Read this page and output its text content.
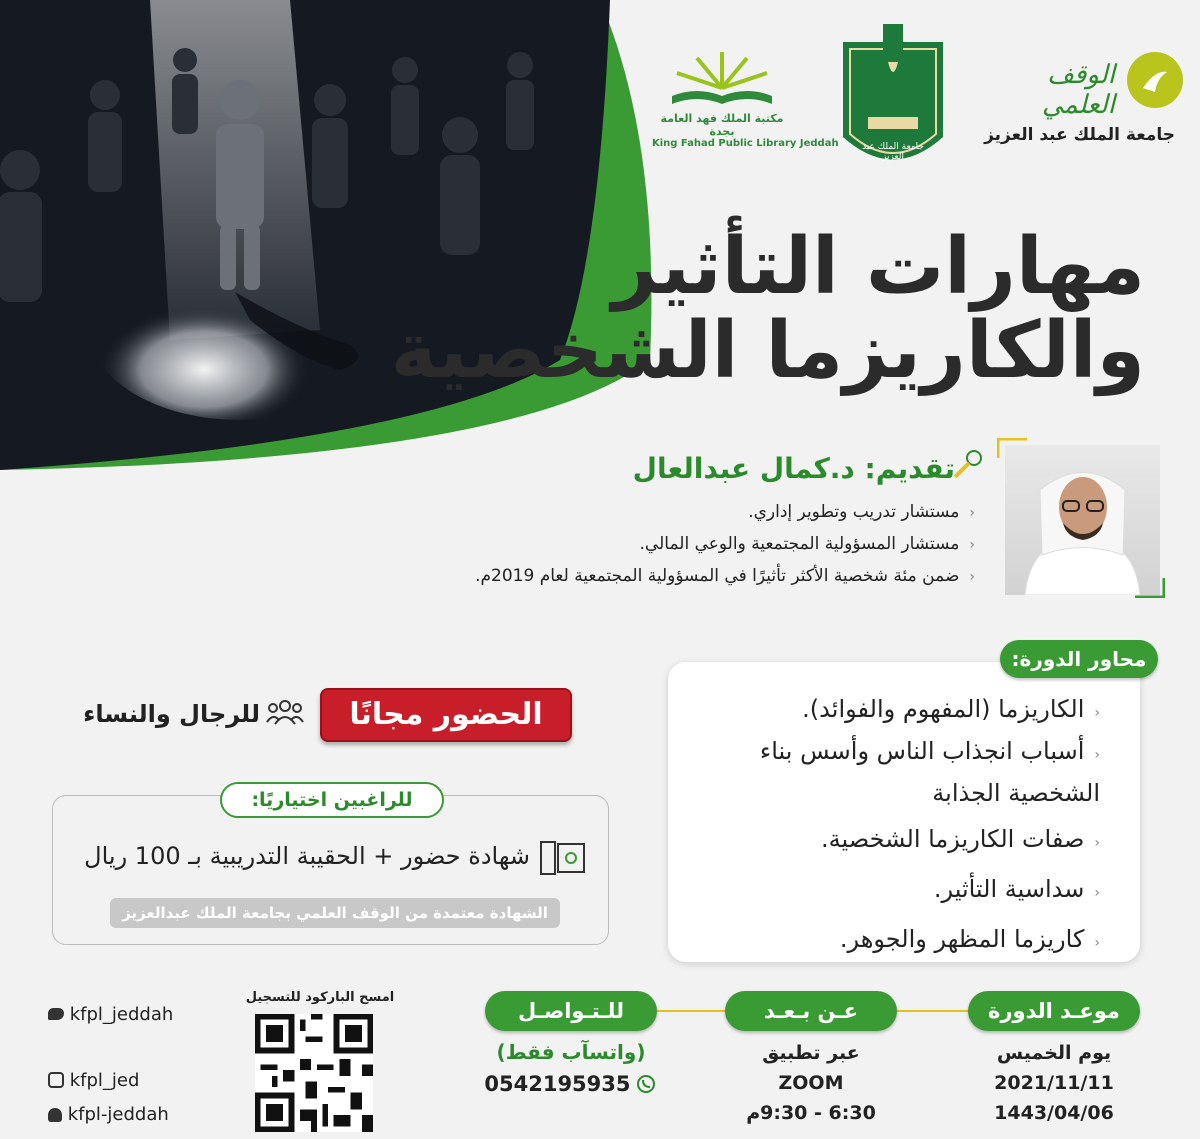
مكتبة الملك فهد العامة بجدة
King Fahad Public Library Jeddah	جامعة الملك عبد العزيز
الوقف العلمي
جامعة الملك عبد العزيز
مهارات التأثير
والكاريزما الشخصية
تقديم: د.كمال عبدالعال
‹مستشار تدريب وتطوير إداري.
‹مستشار المسؤولية المجتمعية والوعي المالي.
‹ضمن مئة شخصية الأكثر تأثيرًا في المسؤولية المجتمعية لعام 2019م.
محاور الدورة:
‹الكاريزما (المفهوم والفوائد).
‹أسباب انجذاب الناس وأسس بناء
الشخصية الجذابة
‹صفات الكاريزما الشخصية.
‹سداسية التأثير.
‹كاريزما المظهر والجوهر.
الحضور مجانًا
للرجال والنساء
للراغبين اختياريًا:
شهادة حضور + الحقيبة التدريبية بـ 100 ريال
الشهادة معتمدة من الوقف العلمي بجامعة الملك عبدالعزيز
موعـد الدورة
يوم الخميس
2021/11/11
1443/04/06
عـن بـعـد
عبر تطبيق
ZOOM
6:30 - 9:30م
للـتـواصـل
(واتسآب فقط)
0542195935
امسح الباركود للتسجيل
kfpl_jeddah
kfpl_jed
kfpl-jeddah
